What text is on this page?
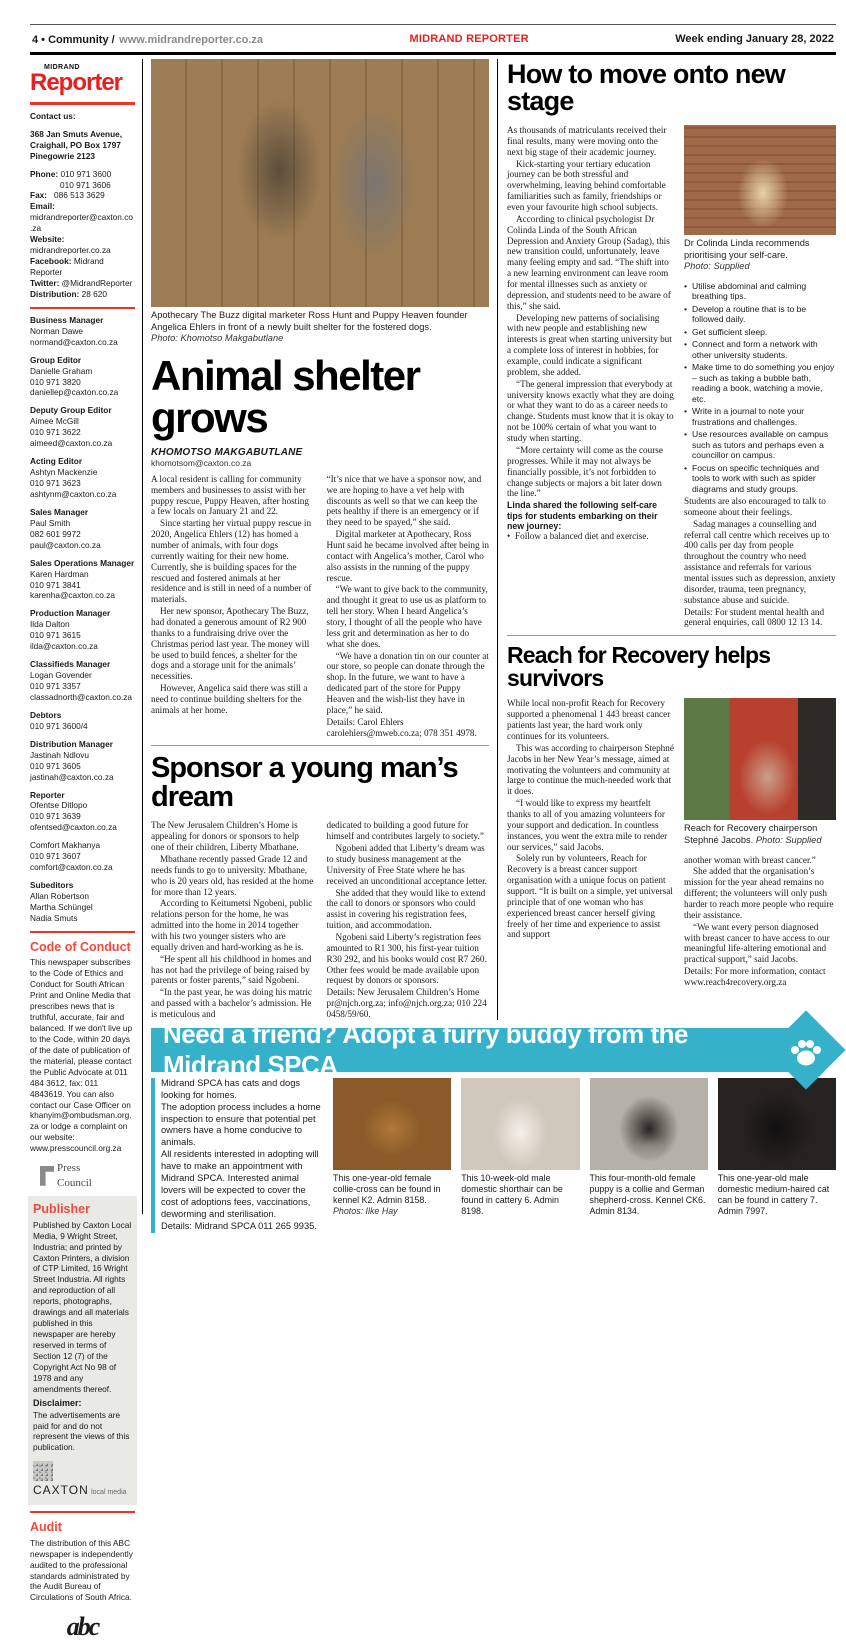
4 • Community / www.midrandreporter.co.za	MIDRAND REPORTER	Week ending January 28, 2022
MIDRAND
Reporter
Contact us:
368 Jan Smuts Avenue, Craighall, PO Box 1797 Pinegowrie 2123
Phone: 010 971 3600
010 971 3606
Fax: 086 513 3629
Email: midrandreporter@caxton.co.za
Website: midrandreporter.co.za
Facebook: Midrand Reporter
Twitter: @MidrandReporter
Distribution: 28 620
Business Manager
Norman Dawe
normand@caxton.co.za
Group Editor
Danielle Graham
010 971 3820
daniellep@caxton.co.za
Deputy Group Editor
Aimee McGill
010 971 3622
aimeed@caxton.co.za
Acting Editor
Ashtyn Mackenzie
010 971 3623
ashtynm@caxton.co.za
Sales Manager
Paul Smith
082 601 9972
paul@caxton.co.za
Sales Operations Manager
Karen Hardman
010 971 3841
karenha@caxton.co.za
Production Manager
Ilda Dalton
010 971 3615
ilda@caxton.co.za
Classifieds Manager
Logan Govender
010 971 3357
classadnorth@caxton.co.za
Debtors
010 971 3600/4
Distribution Manager
Jastinah Ndlovu
010 971 3605
jastinah@caxton.co.za
Reporter
Ofentse Ditlopo
010 971 3639
ofentsed@caxton.co.za
Comfort Makhanya
010 971 3607
comfort@caxton.co.za
Subeditors
Allan Robertson
Martha Schüngel
Nadia Smuts
Code of Conduct
This newspaper subscribes to the Code of Ethics and Conduct for South African Print and Online Media that prescribes news that is truthful, accurate, fair and balanced. If we don't live up to the Code, within 20 days of the date of publication of the material, please contact the Public Advocate at 011 484 3612, fax: 011 4843619. You can also contact our Case Officer on khanyim@ombudsman.org.za or lodge a complaint on our website: www.presscouncil.org.za
Press
Council
Publisher
Published by Caxton Local Media, 9 Wright Street, Industria; and printed by Caxton Printers, a division of CTP Limited, 16 Wright Street Industria. All rights and reproduction of all reports, photographs, drawings and all materials published in this newspaper are hereby reserved in terms of Section 12 (7) of the Copyright Act No 98 of 1978 and any amendments thereof.
Disclaimer:
The advertisements are paid for and do not represent the views of this publication.
CAXTON local media
Audit
The distribution of this ABC newspaper is independently audited to the professional standards administrated by the Audit Bureau of Circulations of South Africa.
abc
Apothecary The Buzz digital marketer Ross Hunt and Puppy Heaven founder Angelica Ehlers in front of a newly built shelter for the fostered dogs.
Photo: Khomotso Makgabutlane
Animal shelter grows
KHOMOTSO MAKGABUTLANE
khomotsom@caxton.co.za

A local resident is calling for community members and businesses to assist with her puppy rescue, Puppy Heaven, after hosting a few locals on January 21 and 22.

Since starting her virtual puppy rescue in 2020, Angelica Ehlers (12) has homed a number of animals, with four dogs currently waiting for their new home. Currently, she is building spaces for the rescued and fostered animals at her residence and is still in need of a number of materials.

Her new sponsor, Apothecary The Buzz, had donated a generous amount of R2 900 thanks to a fundraising drive over the Christmas period last year. The money will be used to build fences, a shelter for the dogs and a storage unit for the animals’ necessities.

However, Angelica said there was still a need to continue building shelters for the animals at her home.

“It’s nice that we have a sponsor now, and we are hoping to have a vet help with discounts as well so that we can keep the pets healthy if there is an emergency or if they need to be spayed,” she said.

Digital marketer at Apothecary, Ross Hunt said he became involved after being in contact with Angelica’s mother, Carol who also assists in the running of the puppy rescue.

“We want to give back to the community, and thought it great to use us as platform to tell her story. When I heard Angelica’s story, I thought of all the people who have less grit and determination as her to do what she does.

“We have a donation tin on our counter at our store, so people can donate through the shop. In the future, we want to have a dedicated part of the store for Puppy Heaven and the wish-list they have in place,” he said.

Details: Carol Ehlers carolehlers@mweb.co.za; 078 351 4978.

Sponsor a young man’s dream

The New Jerusalem Children’s Home is appealing for donors or sponsors to help one of their children, Liberty Mbathane.

Mbathane recently passed Grade 12 and needs funds to go to university. Mbathane, who is 20 years old, has resided at the home for more than 12 years.

According to Keitumetsi Ngobeni, public relations person for the home, he was admitted into the home in 2014 together with his two younger sisters who are equally driven and hard-working as he is.

“He spent all his childhood in homes and has not had the privilege of being raised by parents or foster parents,” said Ngobeni.

“In the past year, he was doing his matric and passed with a bachelor’s admission. He is meticulous and

dedicated to building a good future for himself and contributes largely to society.”

Ngobeni added that Liberty’s dream was to study business management at the University of Free State where he has received an unconditional acceptance letter.

She added that they would like to extend the call to donors or sponsors who could assist in covering his registration fees, tuition, and accommodation.

Ngobeni said Liberty’s registration fees amounted to R1 300, his first-year tuition R30 292, and his books would cost R7 260. Other fees would be made available upon request by donors or sponsors.

Details: New Jerusalem Children’s Home pr@njch.org.za; info@njch.org.za; 010 224 0458/59/60.

How to move onto new stage

As thousands of matriculants received their final results, many were moving onto the next big stage of their academic journey.

Kick-starting your tertiary education journey can be both stressful and overwhelming, leaving behind comfortable familiarities such as family, friendships or even your favourite high school subjects.

According to clinical psychologist Dr Colinda Linda of the South African Depression and Anxiety Group (Sadag), this new transition could, unfortunately, leave many feeling empty and sad. “The shift into a new learning environment can leave room for mental illnesses such as anxiety or depression, and students need to be aware of this,” she said.

Developing new patterns of socialising with new people and establishing new interests is great when starting university but a complete loss of interest in hobbies, for example, could indicate a significant problem, she added.

“The general impression that everybody at university knows exactly what they are doing or what they want to do as a career needs to change. Students must know that it is okay to not be 100% certain of what you want to study when starting.

“More certainty will come as the course progresses. While it may not always be financially possible, it’s not forbidden to change subjects or majors a bit later down the line.”

Linda shared the following self-care tips for students embarking on their new journey:

• Follow a balanced diet and exercise.
Dr Colinda Linda recommends prioritising your self-care.
Photo: Supplied
• Utilise abdominal and calming breathing tips.
• Develop a routine that is to be followed daily.
• Get sufficient sleep.
• Connect and form a network with other university students.
• Make time to do something you enjoy – such as taking a bubble bath, reading a book, watching a movie, etc.
• Write in a journal to note your frustrations and challenges.
• Use resources available on campus such as tutors and perhaps even a councillor on campus.
• Focus on specific techniques and tools to work with such as spider diagrams and study groups.

Students are also encouraged to talk to someone about their feelings.

Sadag manages a counselling and referral call centre which receives up to 400 calls per day from people throughout the country who need assistance and referrals for various mental issues such as depression, anxiety disorder, trauma, teen pregnancy, substance abuse and suicide.

Details: For student mental health and general enquiries, call 0800 12 13 14.

Reach for Recovery helps survivors

While local non-profit Reach for Recovery supported a phenomenal 1 443 breast cancer patients last year, the hard work only continues for its volunteers.

This was according to chairperson Stephné Jacobs in her New Year’s message, aimed at motivating the volunteers and community at large to continue the much-needed work that it does.

“I would like to express my heartfelt thanks to all of you amazing volunteers for your support and dedication. In countless instances, you went the extra mile to render our services,” said Jacobs.

Solely run by volunteers, Reach for Recovery is a breast cancer support organisation with a unique focus on patient support. “It is built on a simple, yet universal principle that of one woman who has experienced breast cancer herself giving freely of her time and experience to assist and support

Reach for Recovery chairperson Stephné Jacobs. Photo: Supplied

another woman with breast cancer.”

She added that the organisation’s mission for the year ahead remains no different; the volunteers will only push harder to reach more people who require their assistance.

“We want every person diagnosed with breast cancer to have access to our meaningful life-altering emotional and practical support,” said Jacobs.

Details: For more information, contact www.reach4recovery.org.za

Need a friend? Adopt a furry buddy from the Midrand SPCA

Midrand SPCA has cats and dogs looking for homes.

The adoption process includes a home inspection to ensure that potential pet owners have a home conducive to animals.

All residents interested in adopting will have to make an appointment with Midrand SPCA. Interested animal lovers will be expected to cover the cost of adoptions fees, vaccinations, deworming and sterilisation.

Details: Midrand SPCA 011 265 9935.

This one-year-old female collie-cross can be found in kennel K2. Admin 8158.
Photos: Ilke Hay
This 10-week-old male domestic shorthair can be found in cattery 6. Admin 8198.
This four-month-old female puppy is a collie and German shepherd-cross. Kennel CK6. Admin 8134.
This one-year-old male domestic medium-haired cat can be found in cattery 7. Admin 7997.
